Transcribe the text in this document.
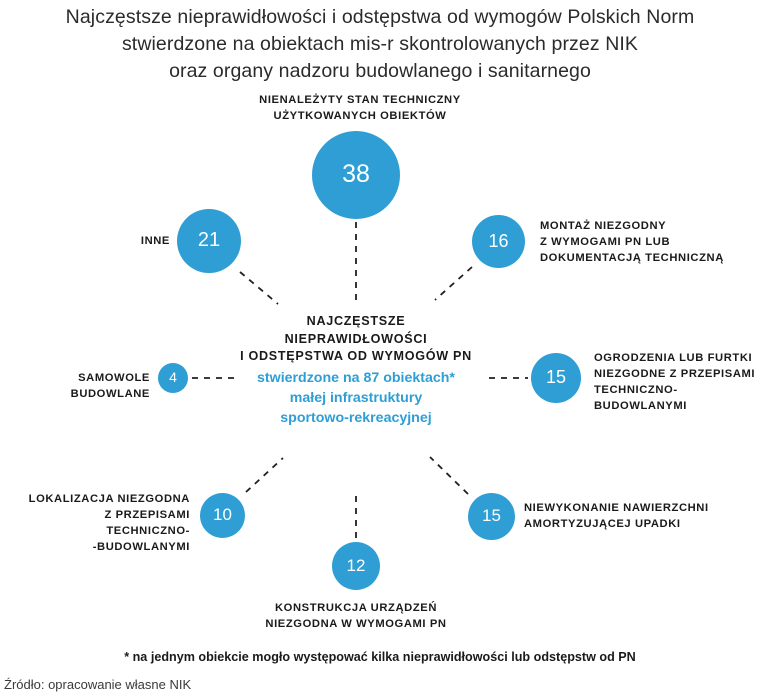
Najczęstsze nieprawidłowości i odstępstwa od wymogów Polskich Norm
stwierdzone na obiektach mis-r skontrolowanych przez NIK
oraz organy nadzoru budowlanego i sanitarnego
38
21	16
4	15
10	15
12
NIENALEŻYTY STAN TECHNICZNY
UŻYTKOWANYCH OBIEKTÓW
INNE
MONTAŻ NIEZGODNY
Z WYMOGAMI PN LUB
DOKUMENTACJĄ TECHNICZNĄ
SAMOWOLE BUDOWLANE
OGRODZENIA LUB FURTKI
NIEZGODNE Z PRZEPISAMI
TECHNICZNO-BUDOWLANYMI
LOKALIZACJA NIEZGODNA
Z PRZEPISAMI TECHNICZNO-
-BUDOWLANYMI
NIEWYKONANIE NAWIERZCHNI
AMORTYZUJĄCEJ UPADKI
KONSTRUKCJA URZĄDZEŃ
NIEZGODNA W WYMOGAMI PN
NAJCZĘSTSZE
NIEPRAWIDŁOWOŚCI
I ODSTĘPSTWA OD WYMOGÓW PN
stwierdzone na 87 obiektach*
małej infrastruktury
sportowo-rekreacyjnej
* na jednym obiekcie mogło występować kilka nieprawidłowości lub odstępstw od PN
Źródło: opracowanie własne NIK
